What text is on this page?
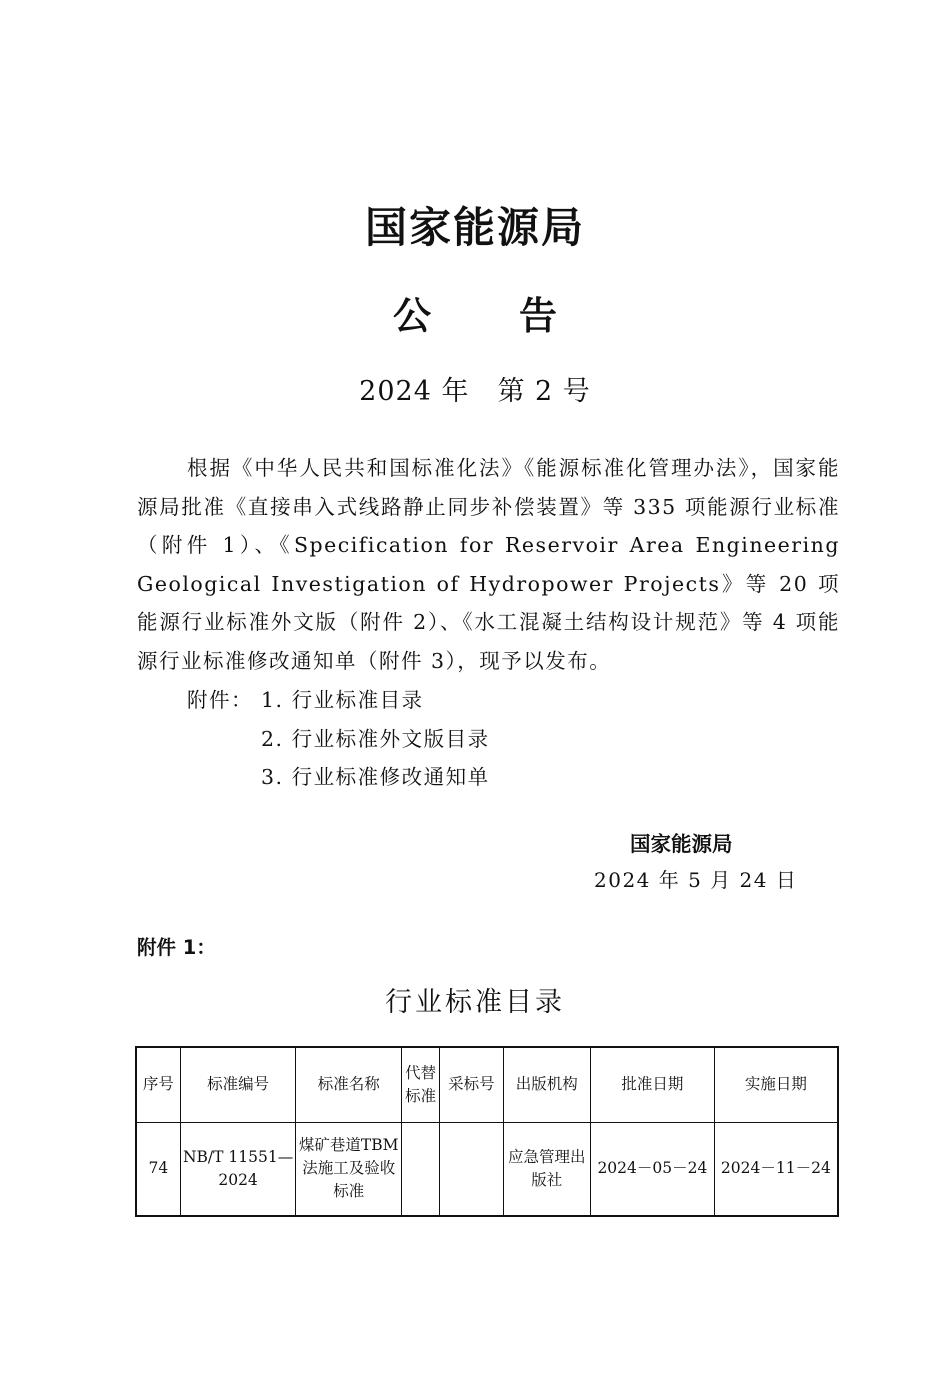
国家能源局
公 告
2024 年　第 2 号

根据《中华人民共和国标准化法》《能源标准化管理办法》，国家能源局批准《直接串入式线路静止同步补偿装置》等 335 项能源行业标准（附件 1）、《Specification for Reservoir Area Engineering Geological Investigation of Hydropower Projects》等 20 项能源行业标准外文版（附件 2）、《水工混凝土结构设计规范》等 4 项能源行业标准修改通知单（附件 3），现予以发布。

附件： 1. 行业标准目录
2. 行业标准外文版目录
3. 行业标准修改通知单
国家能源局
2024 年 5 月 24 日
附件 1：
行业标准目录
序号	标准编号	标准名称	代替标准	采标号	出版机构	批准日期	实施日期
74	NB/T 11551—2024	煤矿巷道TBM法施工及验收标准			应急管理出版社	2024－05－24	2024－11－24
